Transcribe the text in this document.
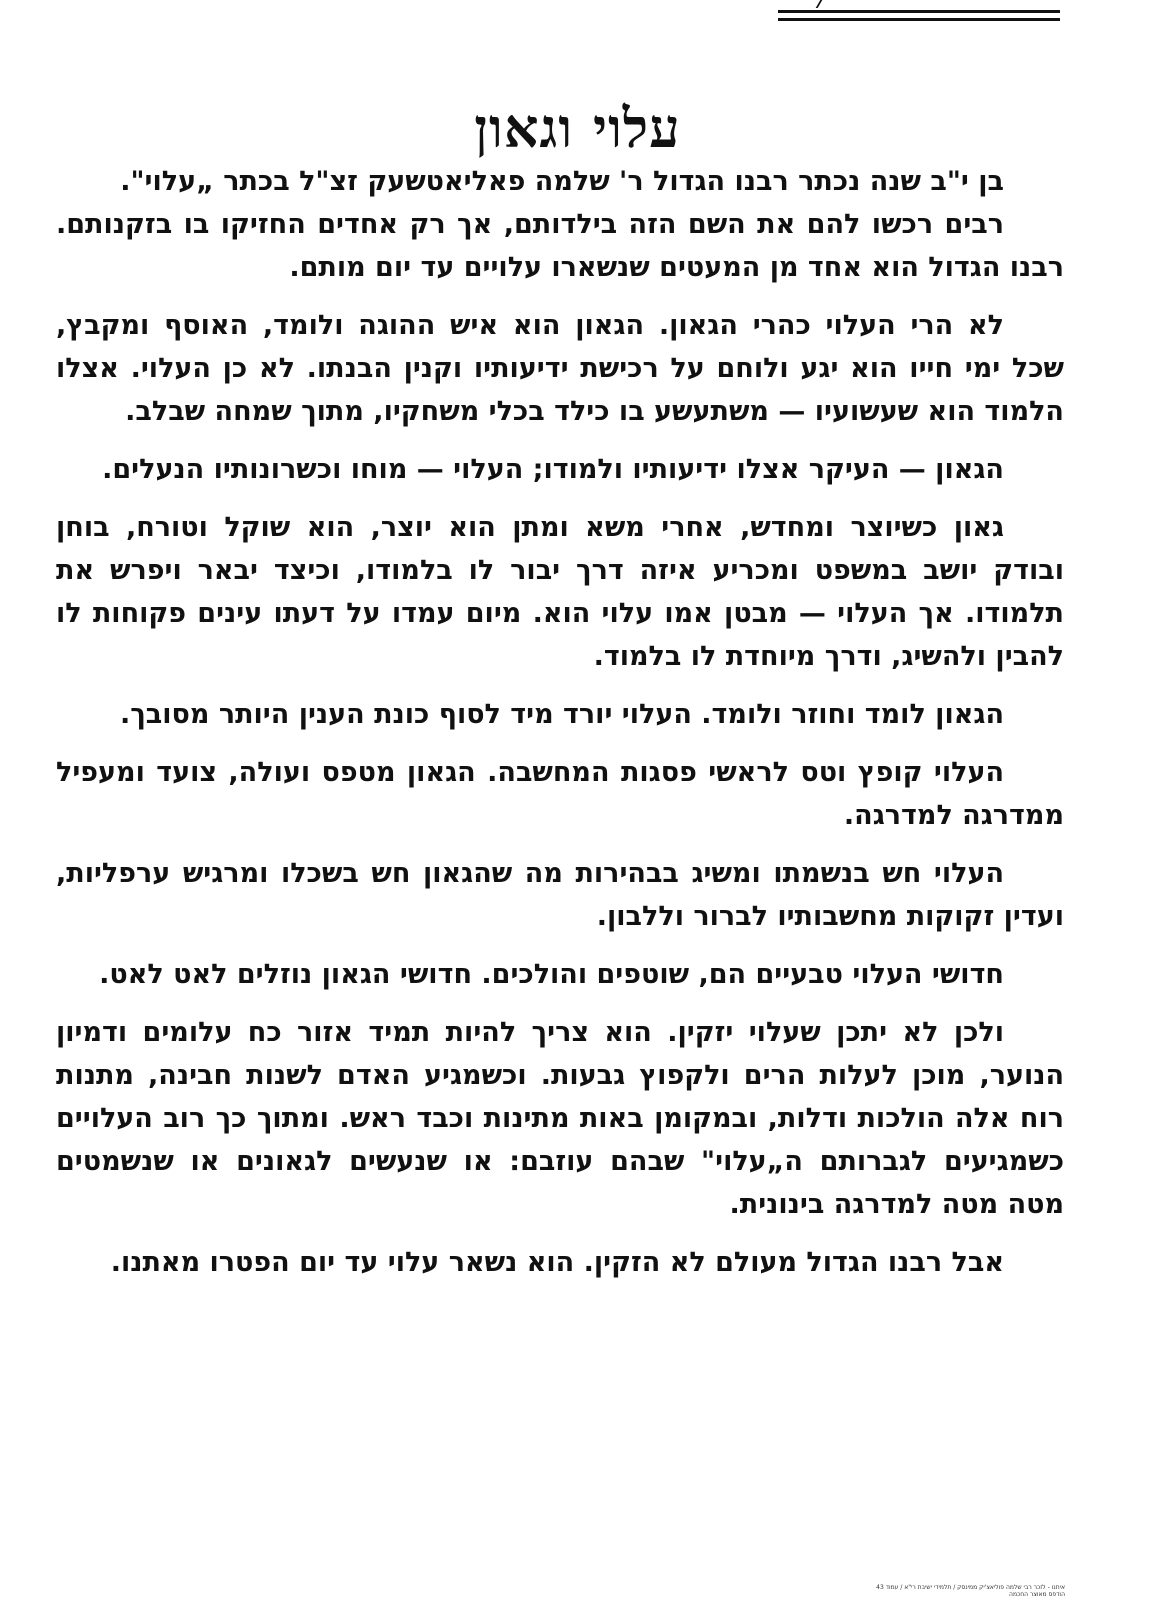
עלוי וגאון

בן י"ב שנה נכתר רבנו הגדול ר' שלמה פאליאטשעק זצ"ל בכתר „עלוי".

רבים רכשו להם את השם הזה בילדותם, אך רק אחדים החזיקו בו בזקנותם. רבנו הגדול הוא אחד מן המעטים שנשארו עלויים עד יום מותם.

לא הרי העלוי כהרי הגאון. הגאון הוא איש ההוגה ולומד, האוסף ומקבץ, שכל ימי חייו הוא יגע ולוחם על רכישת ידיעותיו וקנין הבנתו. לא כן העלוי. אצלו הלמוד הוא שעשועיו — משתעשע בו כילד בכלי משחקיו, מתוך שמחה שבלב.

הגאון — העיקר אצלו ידיעותיו ולמודו; העלוי — מוחו וכשרונותיו הנעלים.

גאון כשיוצר ומחדש, אחרי משא ומתן הוא יוצר, הוא שוקל וטורח, בוחן ובודק יושב במשפט ומכריע איזה דרך יבור לו בלמודו, וכיצד יבאר ויפרש את תלמודו. אך העלוי — מבטן אמו עלוי הוא. מיום עמדו על דעתו עינים פקוחות לו להבין ולהשיג, ודרך מיוחדת לו בלמוד.

הגאון לומד וחוזר ולומד. העלוי יורד מיד לסוף כונת הענין היותר מסובך.

העלוי קופץ וטס לראשי פסגות המחשבה. הגאון מטפס ועולה, צועד ומעפיל ממדרגה למדרגה.

העלוי חש בנשמתו ומשיג בבהירות מה שהגאון חש בשכלו ומרגיש ערפליות, ועדין זקוקות מחשבותיו לברור וללבון.

חדושי העלוי טבעיים הם, שוטפים והולכים. חדושי הגאון נוזלים לאט לאט.

ולכן לא יתכן שעלוי יזקין. הוא צריך להיות תמיד אזור כח עלומים ודמיון הנוער, מוכן לעלות הרים ולקפוץ גבעות. וכשמגיע האדם לשנות חבינה, מתנות רוח אלה הולכות ודלות, ובמקומן באות מתינות וכבד ראש. ומתוך כך רוב העלויים כשמגיעים לגברותם ה„עלוי" שבהם עוזבם: או שנעשים לגאונים או שנשמטים מטה מטה למדרגה בינונית.

אבל רבנו הגדול מעולם לא הזקין. הוא נשאר עלוי עד יום הפטרו מאתנו.

איתנו - לזכר רבי שלמה פוליאצ'יק ממינסק / תלמידי ישיבת רי"א / עמוד 43
הודפס מאוצר החכמה
